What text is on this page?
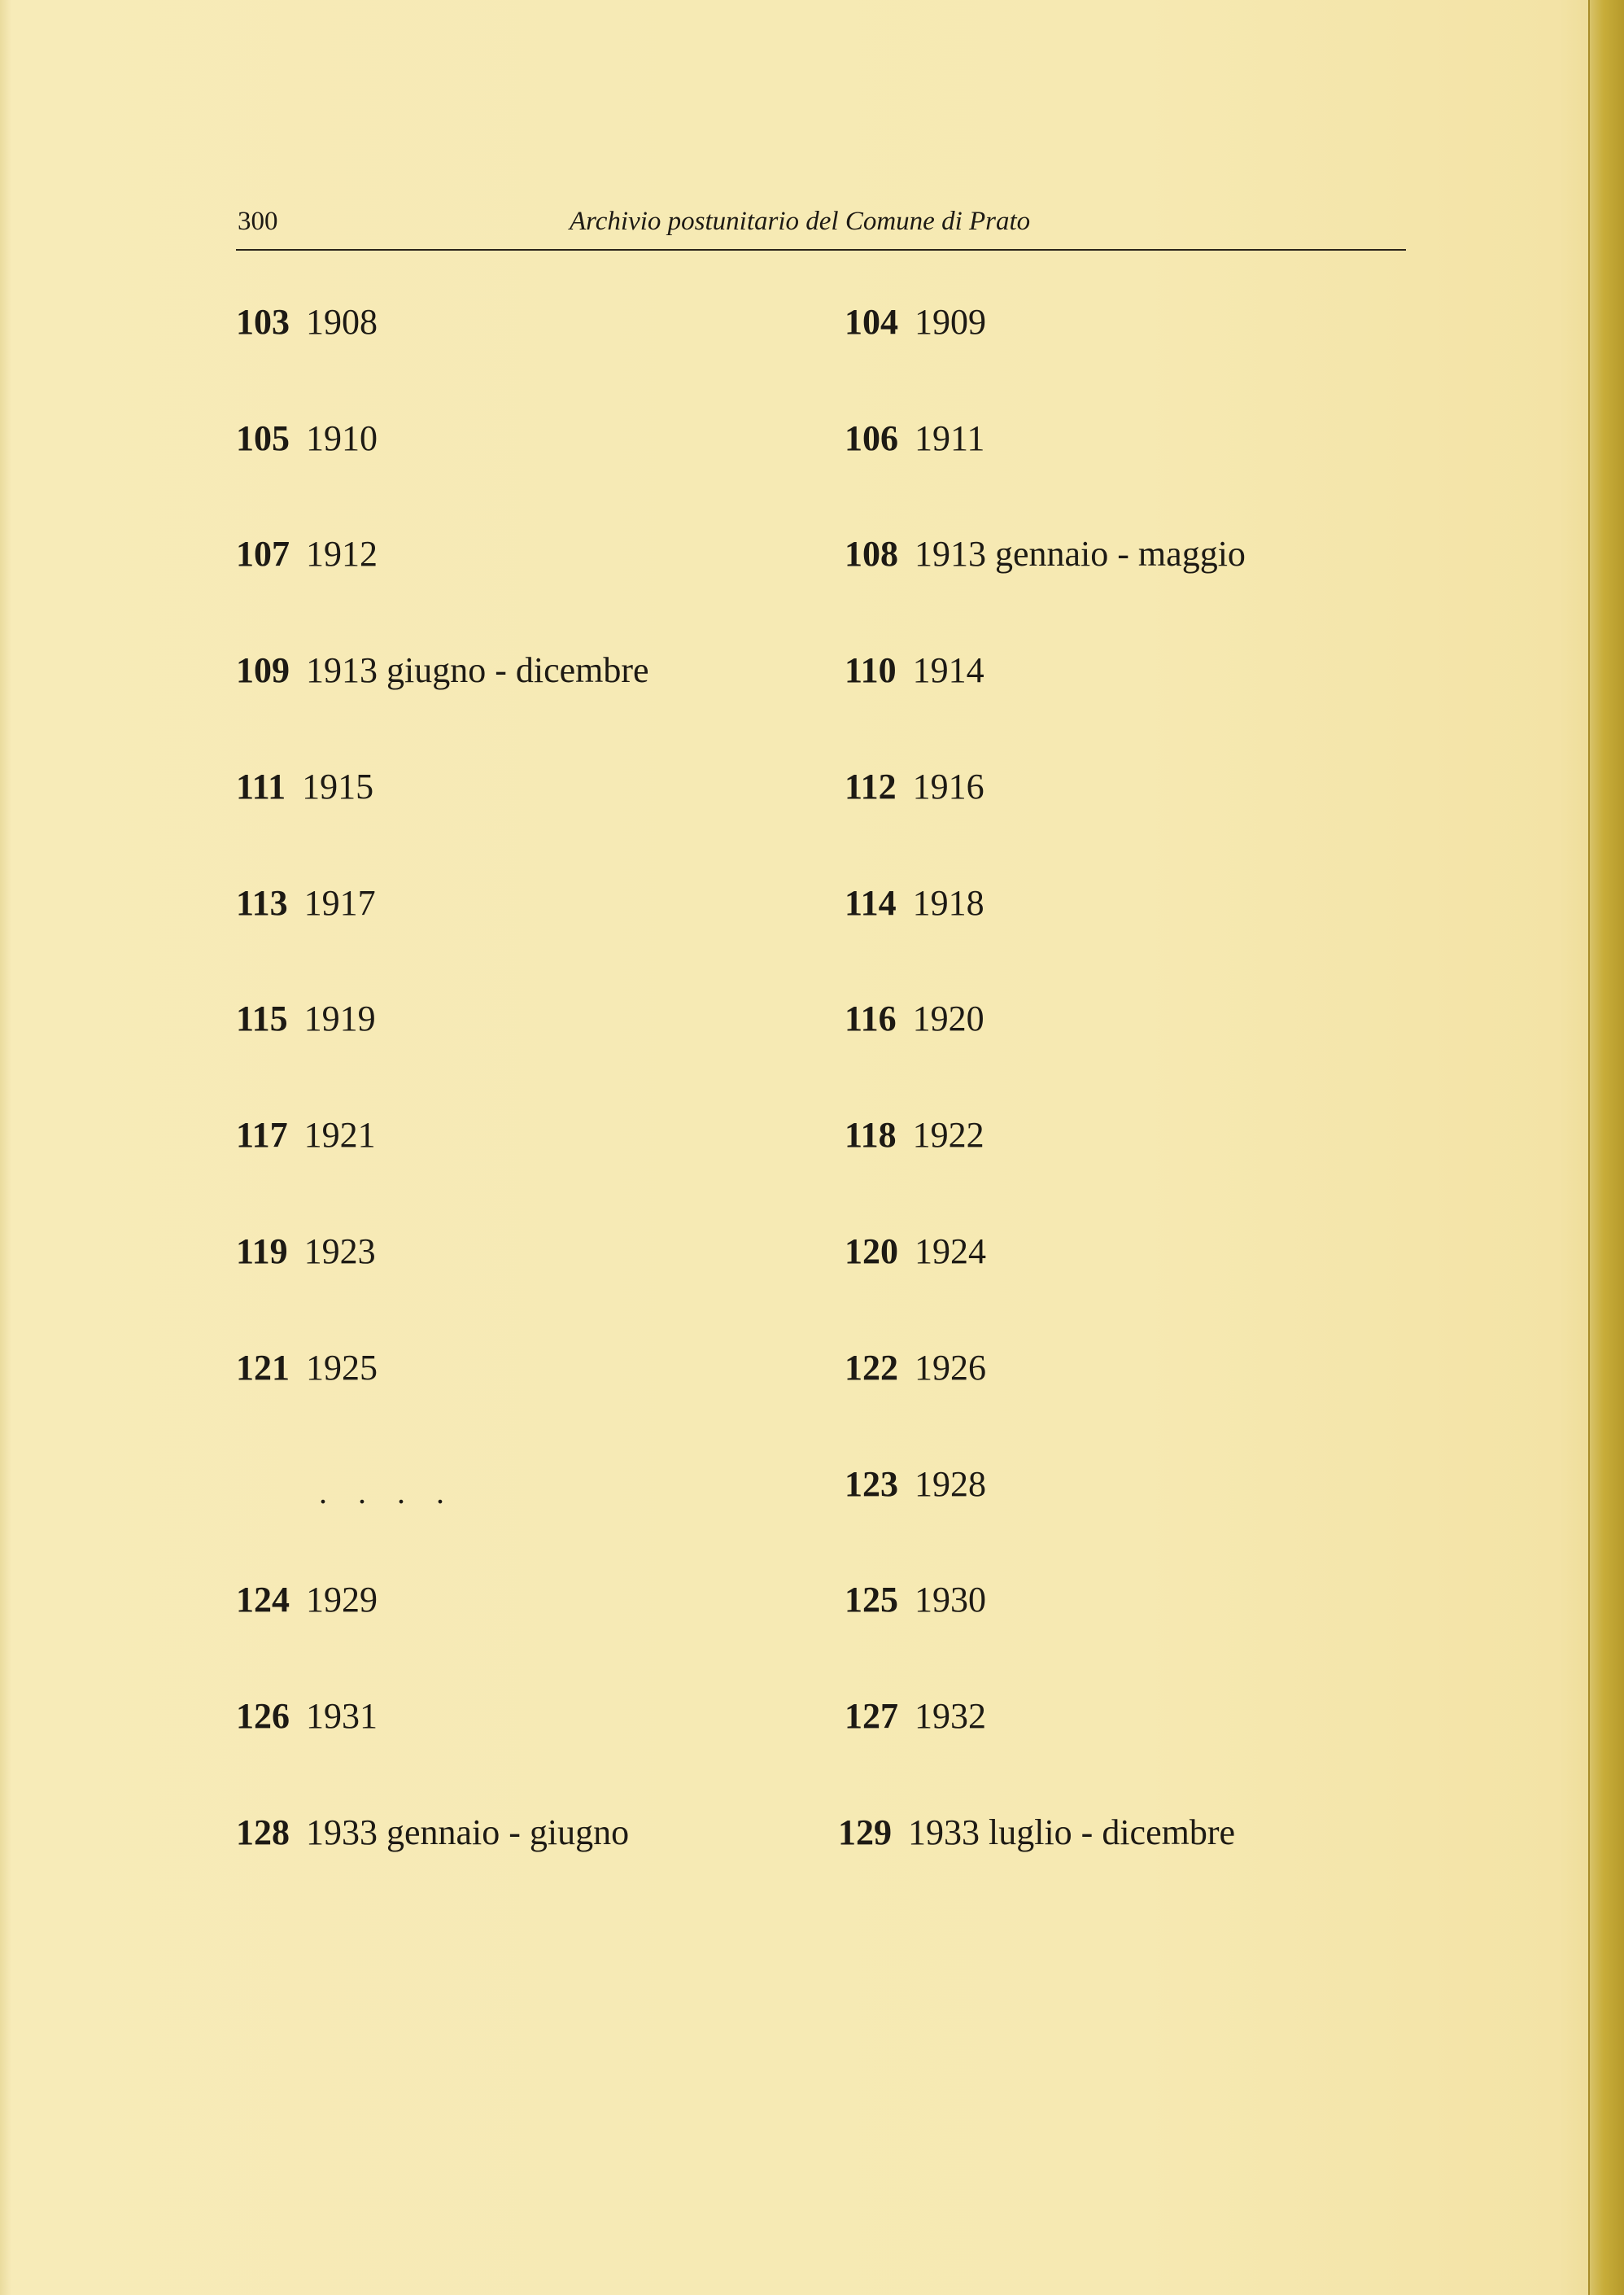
300	Archivio postunitario del Comune di Prato
103 1908	104 1909
105 1910	106 1911
107 1912	108 1913 gennaio - maggio
109 1913 giugno - dicembre	110 1914
111 1915	112 1916
113 1917	114 1918
115 1919	116 1920
117 1921	118 1922
119 1923	120 1924
121 1925	122 1926
. . . .	123 1928
124 1929	125 1930
126 1931	127 1932
128 1933 gennaio - giugno	129 1933 luglio - dicembre
